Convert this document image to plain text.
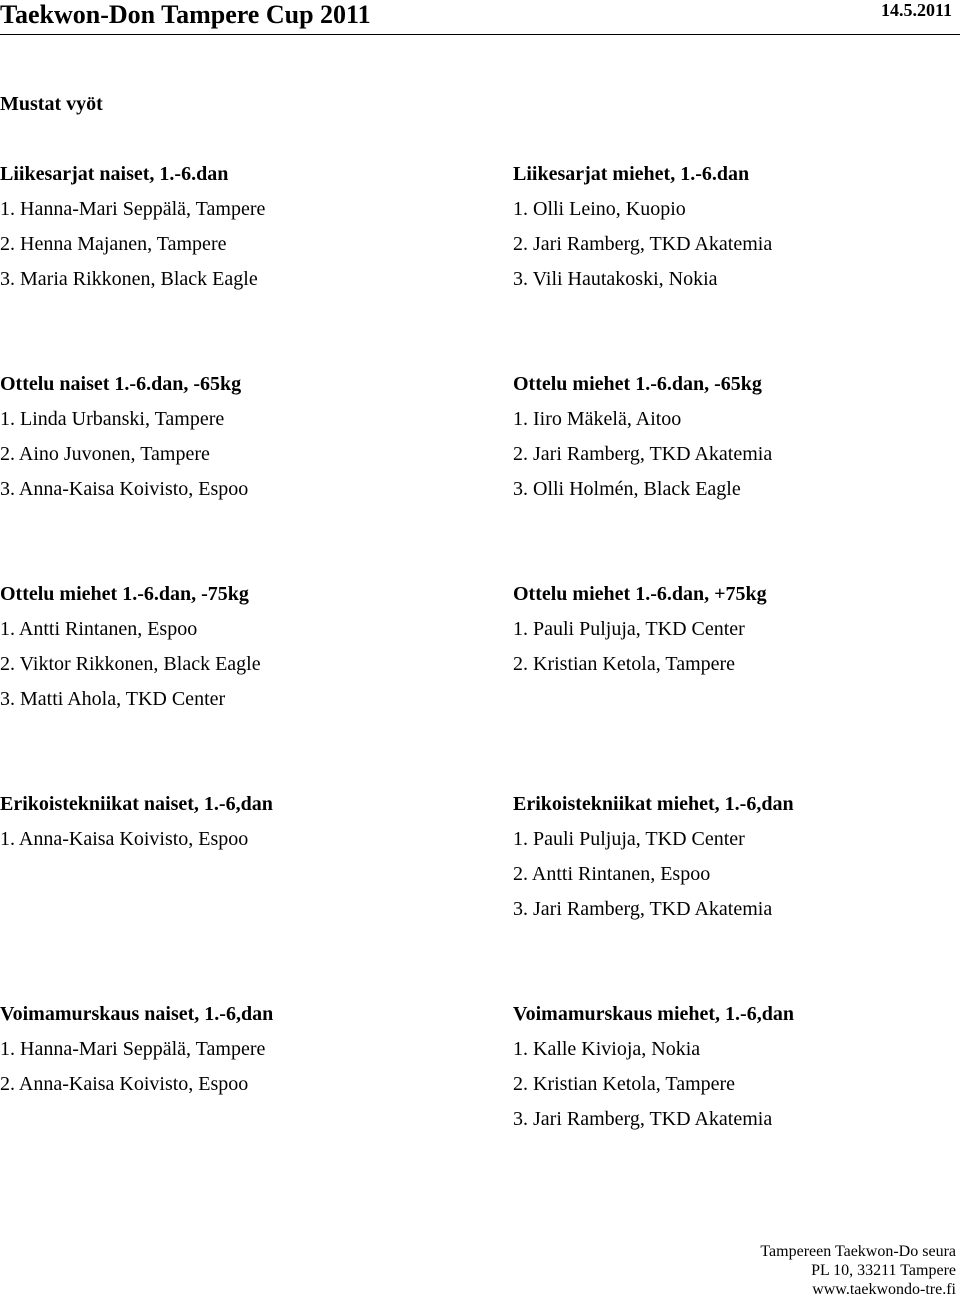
Taekwon-Don Tampere Cup 2011	14.5.2011
Mustat vyöt
Liikesarjat naiset, 1.-6.dan
1. Hanna-Mari Seppälä, Tampere
2. Henna Majanen, Tampere
3. Maria Rikkonen, Black Eagle
Liikesarjat miehet, 1.-6.dan
1. Olli Leino, Kuopio
2. Jari Ramberg, TKD Akatemia
3. Vili Hautakoski, Nokia
Ottelu naiset 1.-6.dan, -65kg
1. Linda Urbanski, Tampere
2. Aino Juvonen, Tampere
3. Anna-Kaisa Koivisto, Espoo
Ottelu miehet 1.-6.dan, -65kg
1. Iiro Mäkelä, Aitoo
2. Jari Ramberg, TKD Akatemia
3. Olli Holmén, Black Eagle
Ottelu miehet 1.-6.dan, -75kg
1. Antti Rintanen, Espoo
2. Viktor Rikkonen, Black Eagle
3. Matti Ahola, TKD Center
Ottelu miehet 1.-6.dan, +75kg
1. Pauli Puljuja, TKD Center
2. Kristian Ketola, Tampere
Erikoistekniikat naiset, 1.-6,dan
1. Anna-Kaisa Koivisto, Espoo
Erikoistekniikat miehet, 1.-6,dan
1. Pauli Puljuja, TKD Center
2. Antti Rintanen, Espoo
3. Jari Ramberg, TKD Akatemia
Voimamurskaus naiset, 1.-6,dan
1. Hanna-Mari Seppälä, Tampere
2. Anna-Kaisa Koivisto, Espoo
Voimamurskaus miehet, 1.-6,dan
1. Kalle Kivioja, Nokia
2. Kristian Ketola, Tampere
3. Jari Ramberg, TKD Akatemia
Tampereen Taekwon-Do seura
PL 10, 33211 Tampere
www.taekwondo-tre.fi
